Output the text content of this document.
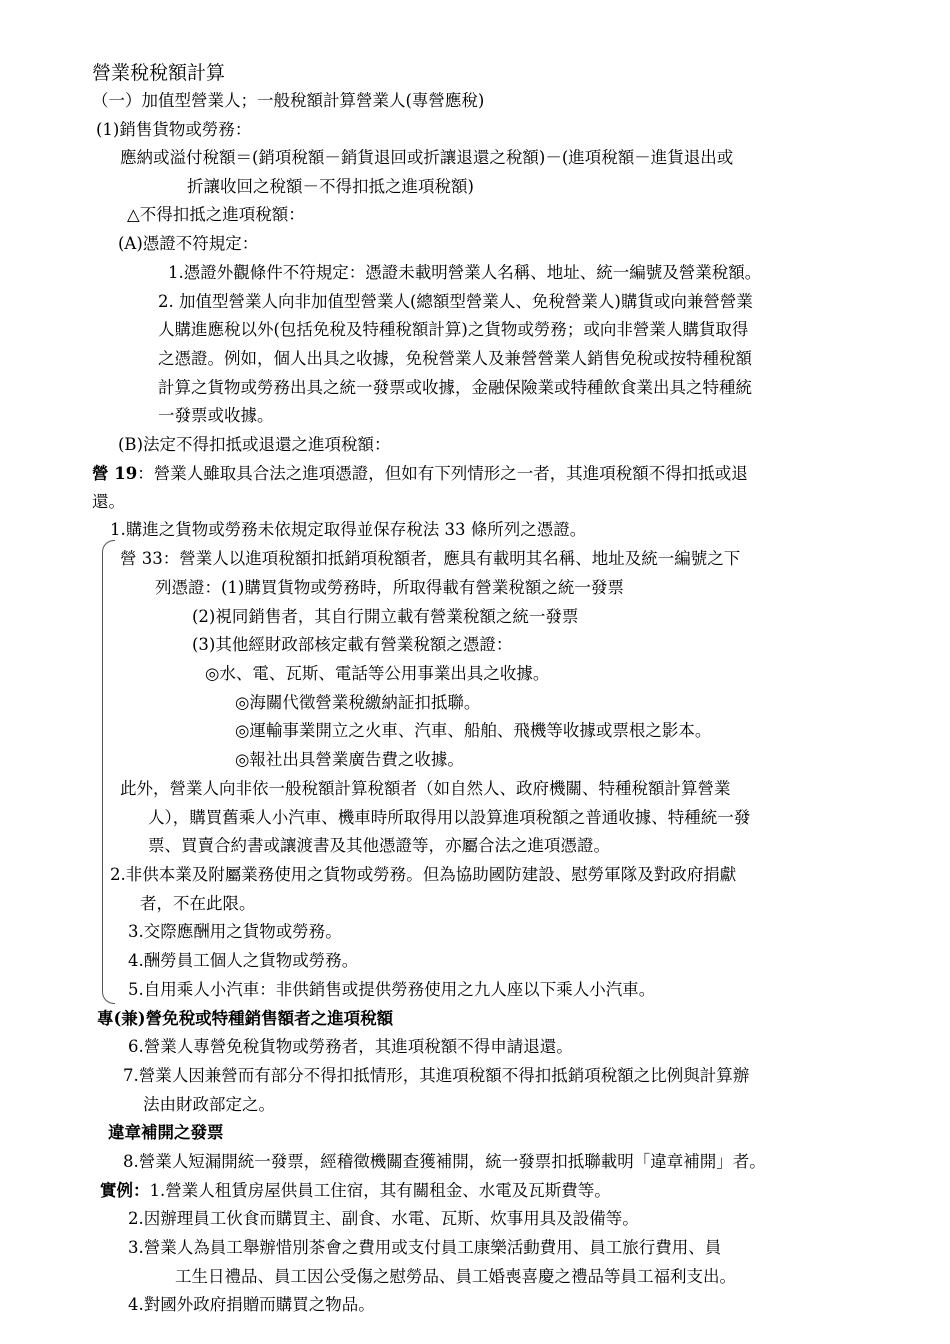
營業稅稅額計算
（一）加值型營業人；一般稅額計算營業人(專營應稅)
(1)銷售貨物或勞務：
應納或溢付稅額＝(銷項稅額－銷貨退回或折讓退還之稅額)－(進項稅額－進貨退出或
折讓收回之稅額－不得扣抵之進項稅額)
△不得扣抵之進項稅額：
(A)憑證不符規定：
1.憑證外觀條件不符規定：憑證未載明營業人名稱、地址、統一編號及營業稅額。
2. 加值型營業人向非加值型營業人(總額型營業人、免稅營業人)購貨或向兼營營業
人購進應稅以外(包括免稅及特種稅額計算)之貨物或勞務；或向非營業人購貨取得
之憑證。例如，個人出具之收據，免稅營業人及兼營營業人銷售免稅或按特種稅額
計算之貨物或勞務出具之統一發票或收據，金融保險業或特種飲食業出具之特種統
一發票或收據。
(B)法定不得扣抵或退還之進項稅額：
營 19：營業人雖取具合法之進項憑證，但如有下列情形之一者，其進項稅額不得扣抵或退
還。
1.購進之貨物或勞務未依規定取得並保存稅法 33 條所列之憑證。
營 33：營業人以進項稅額扣抵銷項稅額者，應具有載明其名稱、地址及統一編號之下
列憑證：(1)購買貨物或勞務時，所取得載有營業稅額之統一發票
(2)視同銷售者，其自行開立載有營業稅額之統一發票
(3)其他經財政部核定載有營業稅額之憑證：
◎水、電、瓦斯、電話等公用事業出具之收據。
◎海關代徵營業稅繳納証扣抵聯。
◎運輸事業開立之火車、汽車、船舶、飛機等收據或票根之影本。
◎報社出具營業廣告費之收據。
此外，營業人向非依一般稅額計算稅額者（如自然人、政府機關、特種稅額計算營業
人），購買舊乘人小汽車、機車時所取得用以設算進項稅額之普通收據、特種統一發
票、買賣合約書或讓渡書及其他憑證等，亦屬合法之進項憑證。
2.非供本業及附屬業務使用之貨物或勞務。但為協助國防建設、慰勞軍隊及對政府捐獻
者，不在此限。
3.交際應酬用之貨物或勞務。
4.酬勞員工個人之貨物或勞務。
5.自用乘人小汽車：非供銷售或提供勞務使用之九人座以下乘人小汽車。
專(兼)營免稅或特種銷售額者之進項稅額
6.營業人專營免稅貨物或勞務者，其進項稅額不得申請退還。
7.營業人因兼營而有部分不得扣抵情形，其進項稅額不得扣抵銷項稅額之比例與計算辦
法由財政部定之。
違章補開之發票
8.營業人短漏開統一發票，經稽徵機關查獲補開，統一發票扣抵聯載明「違章補開」者。
實例：1.營業人租賃房屋供員工住宿，其有關租金、水電及瓦斯費等。
2.因辦理員工伙食而購買主、副食、水電、瓦斯、炊事用具及設備等。
3.營業人為員工舉辦惜別茶會之費用或支付員工康樂活動費用、員工旅行費用、員
工生日禮品、員工因公受傷之慰勞品、員工婚喪喜慶之禮品等員工福利支出。
4.對國外政府捐贈而購買之物品。
